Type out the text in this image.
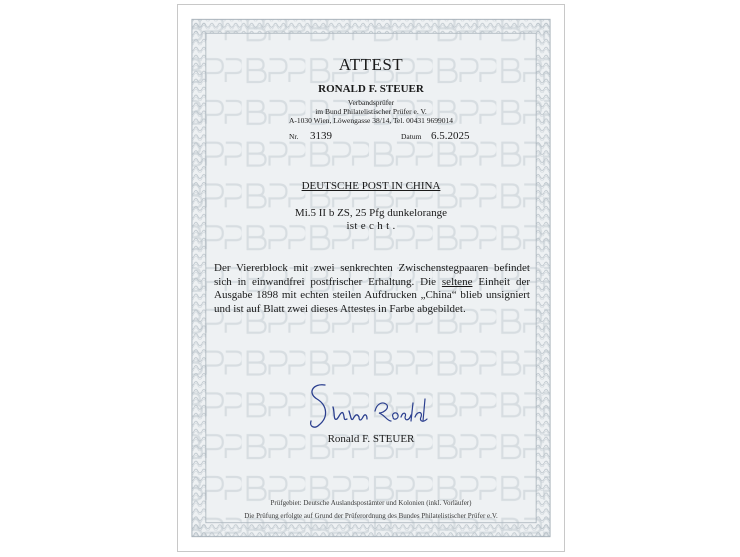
ATTEST
RONALD F. STEUER
Verbandsprüfer
im Bund Philatelistischer Prüfer e. V.
A-1030 Wien, Löwengasse 38/14, Tel. 00431 9699014
Nr. 3139	Datum 6.5.2025
DEUTSCHE POST IN CHINA
Mi.5 II b ZS, 25 Pfg dunkelorange
ist e c h t .
Der Viererblock mit zwei senkrechten Zwischenstegpaaren befindet sich in einwandfrei postfrischer Erhaltung. Die seltene Einheit der Ausgabe 1898 mit echten steilen Aufdrucken „China“ blieb unsigniert und ist auf Blatt zwei dieses Attestes in Farbe abgebildet.
Ronald F. STEUER
Prüfgebiet: Deutsche Auslandspostämter und Kolonien (inkl. Vorläufer)
Die Prüfung erfolgte auf Grund der Prüferordnung des Bundes Philatelistischer Prüfer e.V.
